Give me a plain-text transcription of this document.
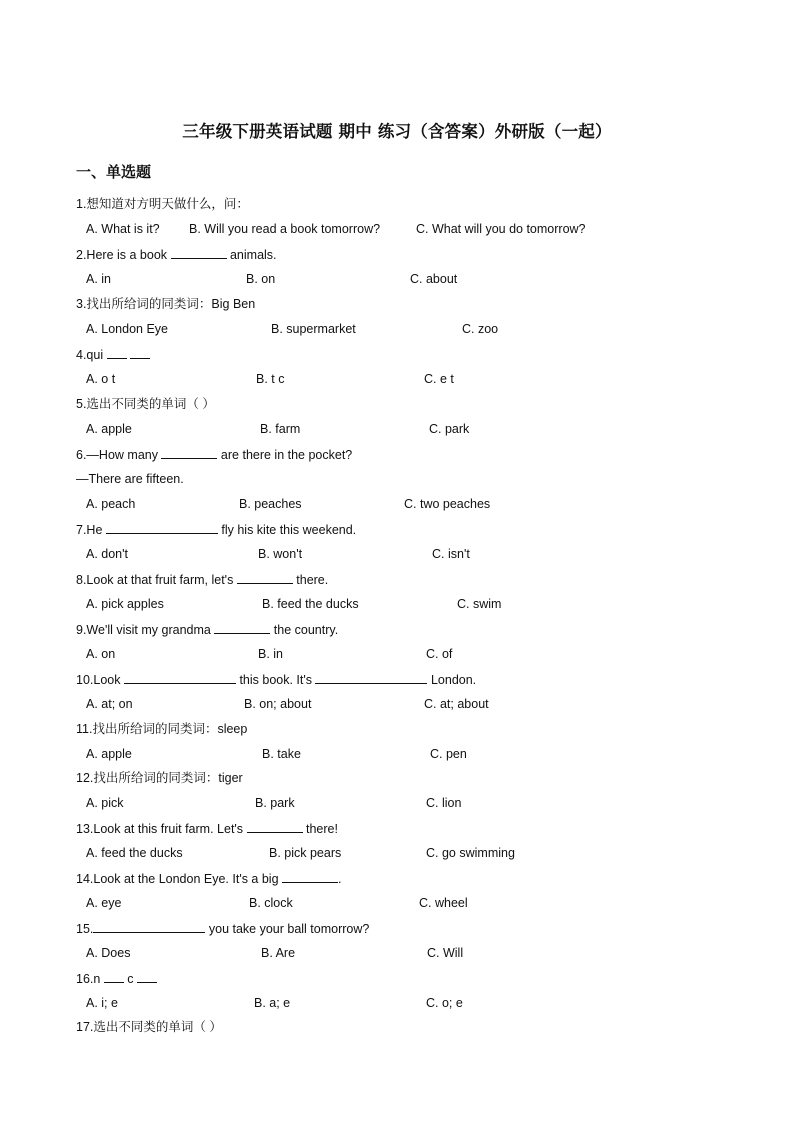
三年级下册英语试题 期中 练习（含答案）外研版（一起）
一、单选题
1.想知道对方明天做什么，问：
A. What is it? B. Will you read a book tomorrow?	C. What will you do tomorrow?
2.Here is a book	animals.
A. in	B. on	C. about
3.找出所给词的同类词：Big Ben
A. London Eye	B. supermarket	C. zoo
4.qui
A. o t	B. t c	C. e t
5.选出不同类的单词（ ）
A. apple	B. farm	C. park
6.—How many	are there in the pocket?
—There are fifteen.
A. peach	B. peaches	C. two peaches
7.He	fly his kite this weekend.
A. don't	B. won't	C. isn't
8.Look at that fruit farm, let's	there.
A. pick apples	B. feed the ducks	C. swim
9.We'll visit my grandma	the country.
A. on	B. in	C. of
10.Look	this book. It's	London.
A. at; on	B. on; about	C. at; about
11.找出所给词的同类词：sleep
A. apple	B. take	C. pen
12.找出所给词的同类词：tiger
A. pick	B. park	C. lion
13.Look at this fruit farm. Let's	there!
A. feed the ducks	B. pick pears	C. go swimming
14.Look at the London Eye. It's a big	.
A. eye	B. clock	C. wheel
15.	you take your ball tomorrow?
A. Does	B. Are	C. Will
16.n  c
A. i; e	B. a; e	C. o; e
17.选出不同类的单词（ ）
